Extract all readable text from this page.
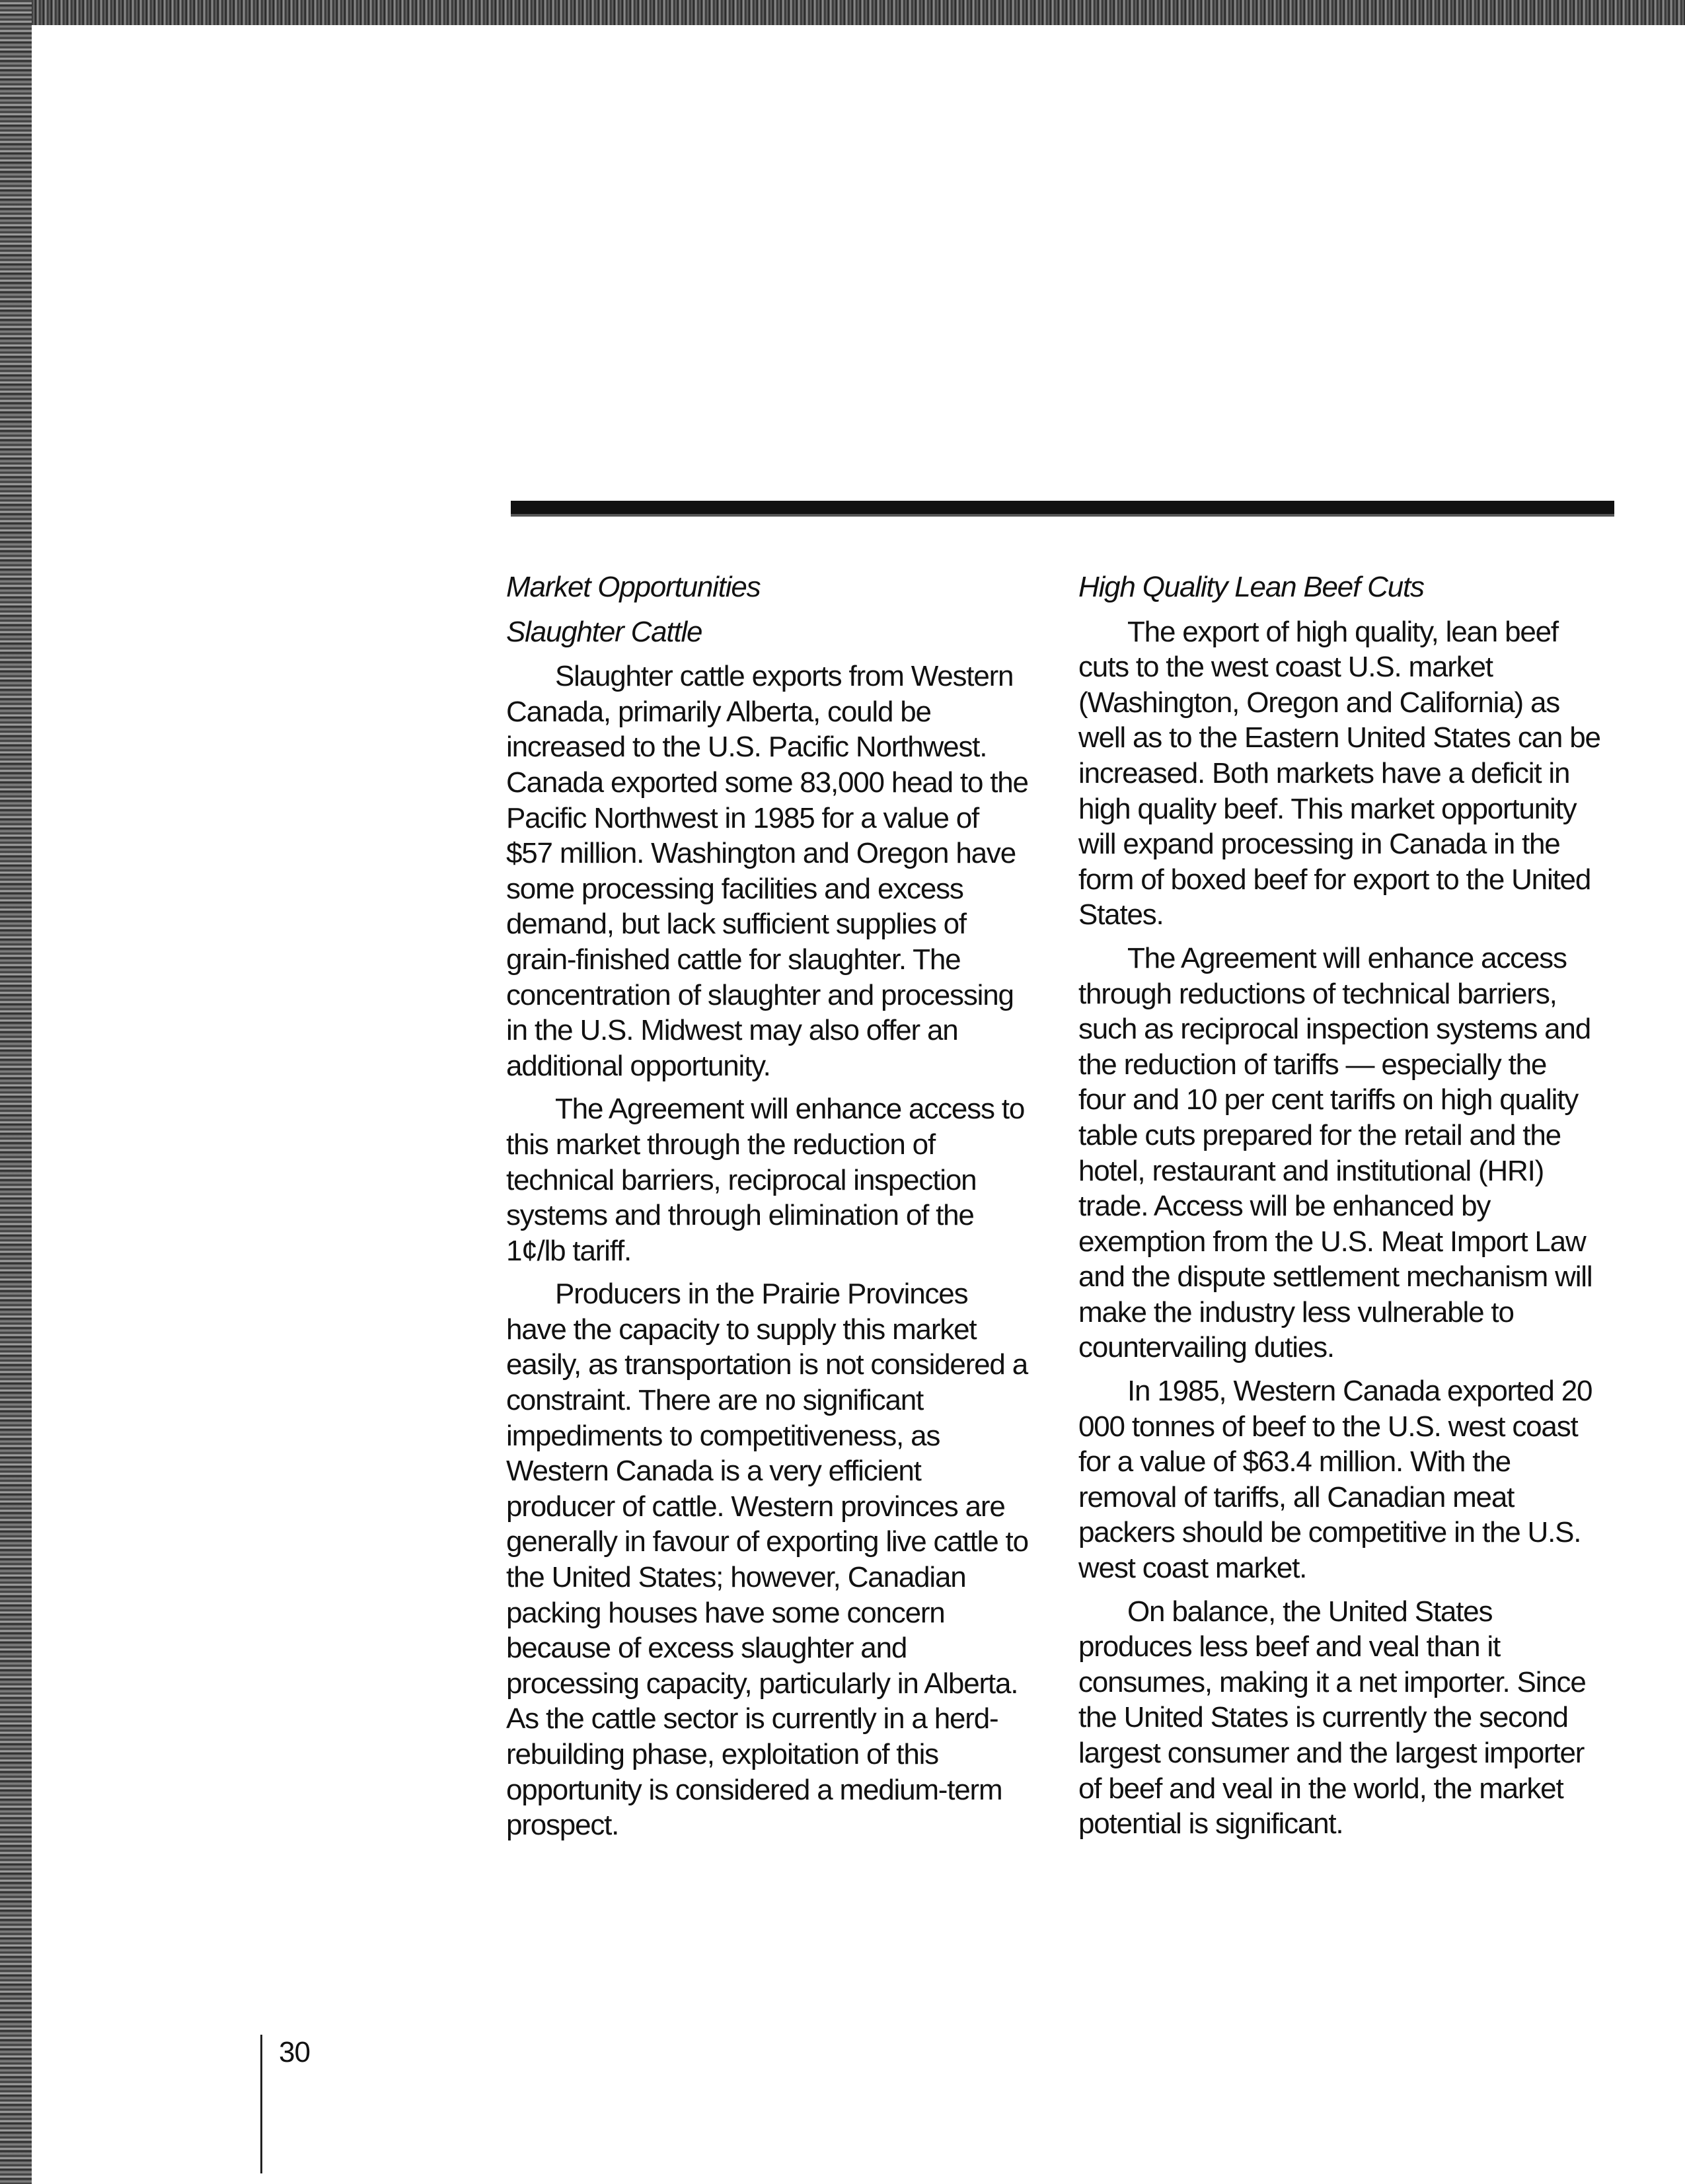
Market Opportunities
Slaughter Cattle

Slaughter cattle exports from Western Canada, primarily Alberta, could be increased to the U.S. Pacific Northwest. Canada exported some 83,000 head to the Pacific Northwest in 1985 for a value of $57 million. Washington and Oregon have some processing facilities and excess demand, but lack sufficient supplies of grain-finished cattle for slaughter. The concentration of slaughter and processing in the U.S. Midwest may also offer an additional opportunity.

The Agreement will enhance access to this market through the reduction of technical barriers, reciprocal inspection systems and through elimination of the 1¢/lb tariff.

Producers in the Prairie Provinces have the capacity to supply this market easily, as transportation is not considered a constraint. There are no significant impediments to competitiveness, as Western Canada is a very efficient producer of cattle. Western provinces are generally in favour of exporting live cattle to the United States; however, Canadian packing houses have some concern because of excess slaughter and processing capacity, particularly in Alberta. As the cattle sector is currently in a herd-rebuilding phase, exploitation of this opportunity is considered a medium-term prospect.

High Quality Lean Beef Cuts

The export of high quality, lean beef cuts to the west coast U.S. market (Washington, Oregon and California) as well as to the Eastern United States can be increased. Both markets have a deficit in high quality beef. This market opportunity will expand processing in Canada in the form of boxed beef for export to the United States.

The Agreement will enhance access through reductions of technical barriers, such as reciprocal inspection systems and the reduction of tariffs — especially the four and 10 per cent tariffs on high quality table cuts prepared for the retail and the hotel, restaurant and institutional (HRI) trade. Access will be enhanced by exemption from the U.S. Meat Import Law and the dispute settlement mechanism will make the industry less vulnerable to countervailing duties.

In 1985, Western Canada exported 20 000 tonnes of beef to the U.S. west coast for a value of $63.4 million. With the removal of tariffs, all Canadian meat packers should be competitive in the U.S. west coast market.

On balance, the United States produces less beef and veal than it consumes, making it a net importer. Since the United States is currently the second largest consumer and the largest importer of beef and veal in the world, the market potential is significant.

30
